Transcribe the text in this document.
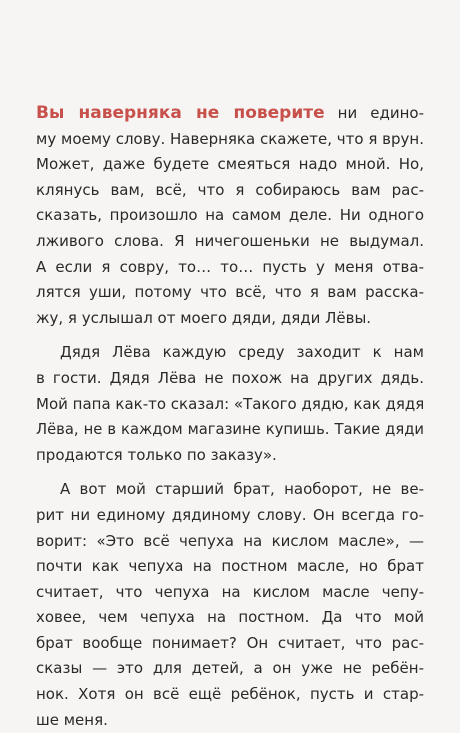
Вы наверняка не поверите ни едино-
му моему слову. Наверняка скажете, что я врун.
Может, даже будете смеяться надо мной. Но,
клянусь вам, всё, что я собираюсь вам рас-
сказать, произошло на самом деле. Ни одного
лживого слова. Я ничегошеньки не выдумал.
А если я совру, то… то… пусть у меня отва-
лятся уши, потому что всё, что я вам расска-
жу, я услышал от моего дяди, дяди Лёвы.
Дядя Лёва каждую среду заходит к нам
в гости. Дядя Лёва не похож на других дядь.
Мой папа как-то сказал: «Такого дядю, как дядя
Лёва, не в каждом магазине купишь. Такие дяди
продаются только по заказу».
А вот мой старший брат, наоборот, не ве-
рит ни единому дядиному слову. Он всегда го-
ворит: «Это всё чепуха на кислом масле», —
почти как чепуха на постном масле, но брат
считает, что чепуха на кислом масле чепу-
ховее, чем чепуха на постном. Да что мой
брат вообще понимает? Он считает, что рас-
сказы — это для детей, а он уже не ребён-
нок. Хотя он всё ещё ребёнок, пусть и стар-
ше меня.
